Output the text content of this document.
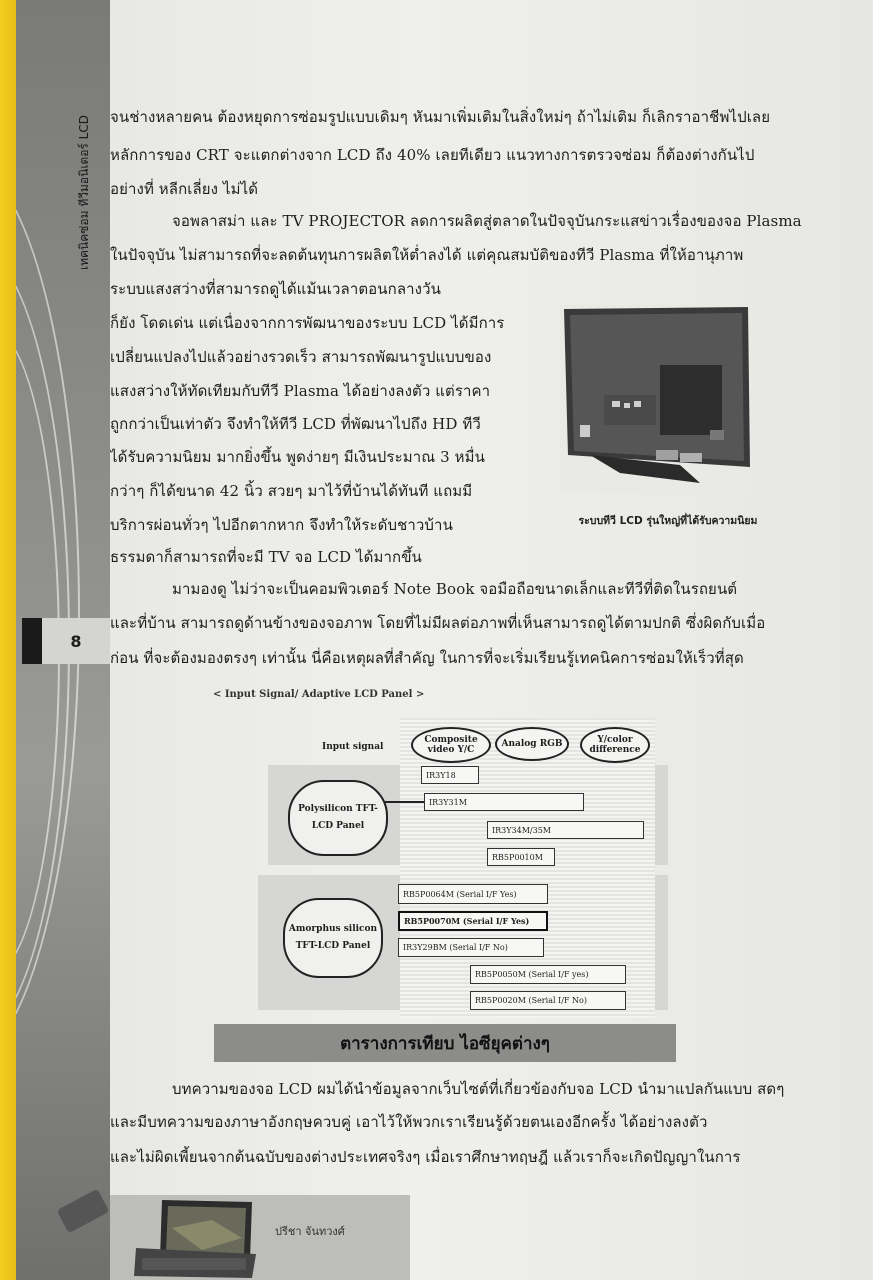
เทคนิคซ่อม ทีวีมอนิเตอร์ LCD
8
จนช่างหลายคน ต้องหยุดการซ่อมรูปแบบเดิมๆ หันมาเพิ่มเติมในสิ่งใหม่ๆ ถ้าไม่เติม ก็เลิกราอาชีพไปเลย
หลักการของ CRT จะแตกต่างจาก LCD ถึง 40% เลยทีเดียว แนวทางการตรวจซ่อม ก็ต้องต่างกันไป
อย่างที่ หลีกเลี่ยง ไม่ได้
จอพลาสม่า และ TV PROJECTOR ลดการผลิตสู่ตลาดในปัจจุบันกระแสข่าวเรื่องของจอ Plasma
ในปัจจุบัน ไม่สามารถที่จะลดต้นทุนการผลิตให้ต่ำลงได้ แต่คุณสมบัติของทีวี Plasma ที่ให้อานุภาพ
ระบบแสงสว่างที่สามารถดูได้แม้นเวลาตอนกลางวัน
ก็ยัง โดดเด่น แต่เนื่องจากการพัฒนาของระบบ LCD ได้มีการ
เปลี่ยนแปลงไปแล้วอย่างรวดเร็ว สามารถพัฒนารูปแบบของ
แสงสว่างให้ทัดเทียมกับทีวี Plasma ได้อย่างลงตัว แต่ราคา
ถูกกว่าเป็นเท่าตัว จึงทำให้ทีวี LCD ที่พัฒนาไปถึง HD ทีวี
ได้รับความนิยม มากยิ่งขึ้น พูดง่ายๆ มีเงินประมาณ 3 หมื่น
กว่าๆ ก็ได้ขนาด 42 นิ้ว สวยๆ มาไว้ที่บ้านได้ทันที แถมมี
บริการผ่อนทั่วๆ ไปอีกตากหาก จึงทำให้ระดับชาวบ้าน
ธรรมดาก็สามารถที่จะมี TV จอ LCD ได้มากขึ้น
ระบบทีวี LCD รุ่นใหญ่ที่ได้รับความนิยม
มามองดู ไม่ว่าจะเป็นคอมพิวเตอร์ Note Book จอมือถือขนาดเล็กและทีวีที่ติดในรถยนต์
และที่บ้าน สามารถดูด้านข้างของจอภาพ โดยที่ไม่มีผลต่อภาพที่เห็นสามารถดูได้ตามปกติ ซึ่งผิดกับเมื่อ
ก่อน ที่จะต้องมองตรงๆ เท่านั้น นี่คือเหตุผลที่สำคัญ ในการที่จะเริ่มเรียนรู้เทคนิคการซ่อมให้เร็วที่สุด
< Input Signal/ Adaptive LCD Panel >
Input signal
Composite video Y/C
Analog RGB	Y/color difference
Polysilicon TFT-LCD Panel
Amorphus silicon TFT-LCD Panel
IR3Y18
IR3Y31M
IR3Y34M/35M
RB5P0010M
RB5P0064M (Serial I/F Yes)
RB5P0070M (Serial I/F Yes)
IR3Y29BM (Serial I/F No)
RB5P0050M (Serial I/F yes)
RB5P0020M (Serial I/F No)
ตารางการเทียบ ไอซียุคต่างๆ
บทความของจอ LCD ผมได้นำข้อมูลจากเว็บไซต์ที่เกี่ยวข้องกับจอ LCD นำมาแปลกันแบบ สดๆ
และมีบทความของภาษาอังกฤษควบคู่ เอาไว้ให้พวกเราเรียนรู้ด้วยตนเองอีกครั้ง ได้อย่างลงตัว
และไม่ผิดเพี้ยนจากต้นฉบับของต่างประเทศจริงๆ เมื่อเราศึกษาทฤษฎี แล้วเราก็จะเกิดปัญญาในการ
ปรีชา จันทวงศ์
